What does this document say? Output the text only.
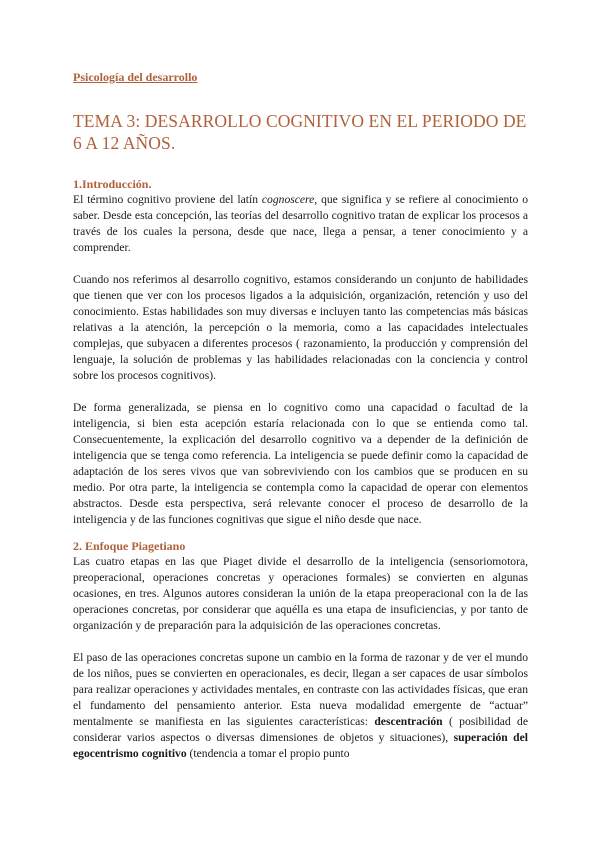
Psicología del desarrollo

TEMA 3: DESARROLLO COGNITIVO EN EL PERIODO DE 6 A 12 AÑOS.
1.Introducción.

El término cognitivo proviene del latín cognoscere, que significa y se refiere al conocimiento o saber. Desde esta concepción, las teorías del desarrollo cognitivo tratan de explicar los procesos a través de los cuales la persona, desde que nace, llega a pensar, a tener conocimiento y a comprender.

Cuando nos referimos al desarrollo cognitivo, estamos considerando un conjunto de habilidades que tienen que ver con los procesos ligados a la adquisición, organización, retención y uso del conocimiento. Estas habilidades son muy diversas e incluyen tanto las competencias más básicas relativas a la atención, la percepción o la memoria, como a las capacidades intelectuales complejas, que subyacen a diferentes procesos ( razonamiento, la producción y comprensión del lenguaje, la solución de problemas y las habilidades relacionadas con la conciencia y control sobre los procesos cognitivos).

De forma generalizada, se piensa en lo cognitivo como una capacidad o facultad de la inteligencia, si bien esta acepción estaría relacionada con lo que se entienda como tal. Consecuentemente, la explicación del desarrollo cognitivo va a depender de la definición de inteligencia que se tenga como referencia. La inteligencia se puede definir como la capacidad de adaptación de los seres vivos que van sobreviviendo con los cambios que se producen en su medio. Por otra parte, la inteligencia se contempla como la capacidad de operar con elementos abstractos. Desde esta perspectiva, será relevante conocer el proceso de desarrollo de la inteligencia y de las funciones cognitivas que sigue el niño desde que nace.

2. Enfoque Piagetiano

Las cuatro etapas en las que Piaget divide el desarrollo de la inteligencia (sensoriomotora, preoperacional, operaciones concretas y operaciones formales) se convierten en algunas ocasiones, en tres. Algunos autores consideran la unión de la etapa preoperacional con la de las operaciones concretas, por considerar que aquélla es una etapa de insuficiencias, y por tanto de organización y de preparación para la adquisición de las operaciones concretas.

El paso de las operaciones concretas supone un cambio en la forma de razonar y de ver el mundo de los niños, pues se convierten en operacionales, es decir, llegan a ser capaces de usar símbolos para realizar operaciones y actividades mentales, en contraste con las actividades físicas, que eran el fundamento del pensamiento anterior. Esta nueva modalidad emergente de “actuar” mentalmente se manifiesta en las siguientes características: descentración ( posibilidad de considerar varios aspectos o diversas dimensiones de objetos y situaciones), superación del egocentrismo cognitivo (tendencia a tomar el propio punto
